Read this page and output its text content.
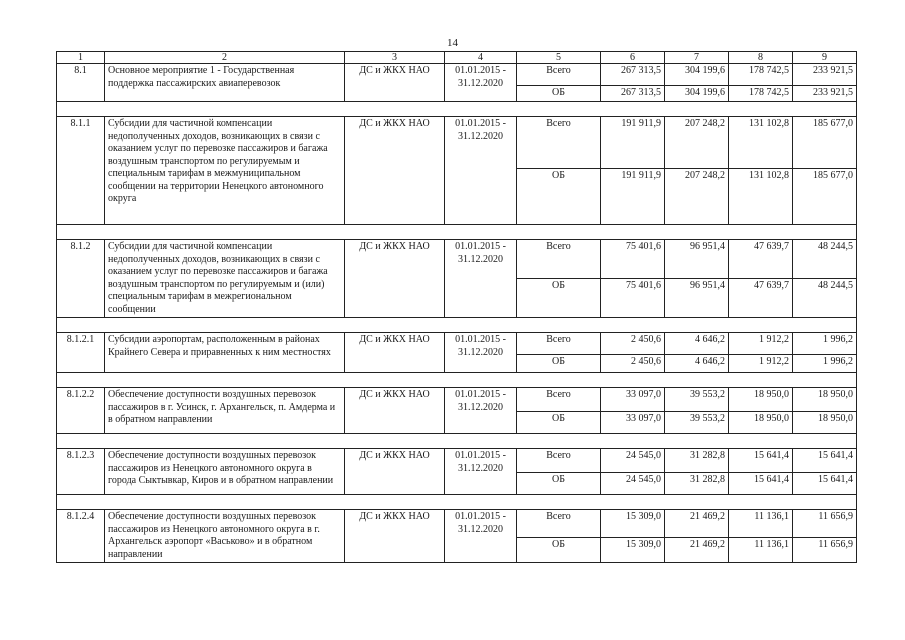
14
1	2	3	4	5	6	7	8	9
8.1	Основное мероприятие 1 - Государственная поддержка пассажирских авиаперевозок	ДС и ЖКХ НАО	01.01.2015 - 31.12.2020	Всего	267 313,5	304 199,6	178 742,5	233 921,5
				ОБ	267 313,5	304 199,6	178 742,5	233 921,5

8.1.1	Субсидии для частичной компенсации недополученных доходов, возникающих в связи с оказанием услуг по перевозке пассажиров и багажа воздушным транспортом по регулируемым и специальным тарифам в межмуниципальном сообщении на территории Ненецкого автономного округа	ДС и ЖКХ НАО	01.01.2015 - 31.12.2020	Всего	191 911,9	207 248,2	131 102,8	185 677,0
				ОБ	191 911,9	207 248,2	131 102,8	185 677,0

8.1.2	Субсидии для частичной компенсации недополученных доходов, возникающих в связи с оказанием услуг по перевозке пассажиров и багажа воздушным транспортом по регулируемым и (или) специальным тарифам в межрегиональном сообщении	ДС и ЖКХ НАО	01.01.2015 - 31.12.2020	Всего	75 401,6	96 951,4	47 639,7	48 244,5
				ОБ	75 401,6	96 951,4	47 639,7	48 244,5

8.1.2.1	Субсидии аэропортам, расположенным в районах Крайнего Севера и приравненных к ним местностях	ДС и ЖКХ НАО	01.01.2015 - 31.12.2020	Всего	2 450,6	4 646,2	1 912,2	1 996,2
				ОБ	2 450,6	4 646,2	1 912,2	1 996,2

8.1.2.2	Обеспечение доступности воздушных перевозок пассажиров в г. Усинск, г. Архангельск, п. Амдерма и в обратном направлении	ДС и ЖКХ НАО	01.01.2015 - 31.12.2020	Всего	33 097,0	39 553,2	18 950,0	18 950,0
				ОБ	33 097,0	39 553,2	18 950,0	18 950,0

8.1.2.3	Обеспечение доступности воздушных перевозок пассажиров из Ненецкого автономного округа в города Сыктывкар, Киров и в обратном направлении	ДС и ЖКХ НАО	01.01.2015 - 31.12.2020	Всего	24 545,0	31 282,8	15 641,4	15 641,4
				ОБ	24 545,0	31 282,8	15 641,4	15 641,4

8.1.2.4	Обеспечение доступности воздушных перевозок пассажиров из Ненецкого автономного округа в г. Архангельск аэропорт «Васьково» и в обратном направлении	ДС и ЖКХ НАО	01.01.2015 - 31.12.2020	Всего	15 309,0	21 469,2	11 136,1	11 656,9
				ОБ	15 309,0	21 469,2	11 136,1	11 656,9
